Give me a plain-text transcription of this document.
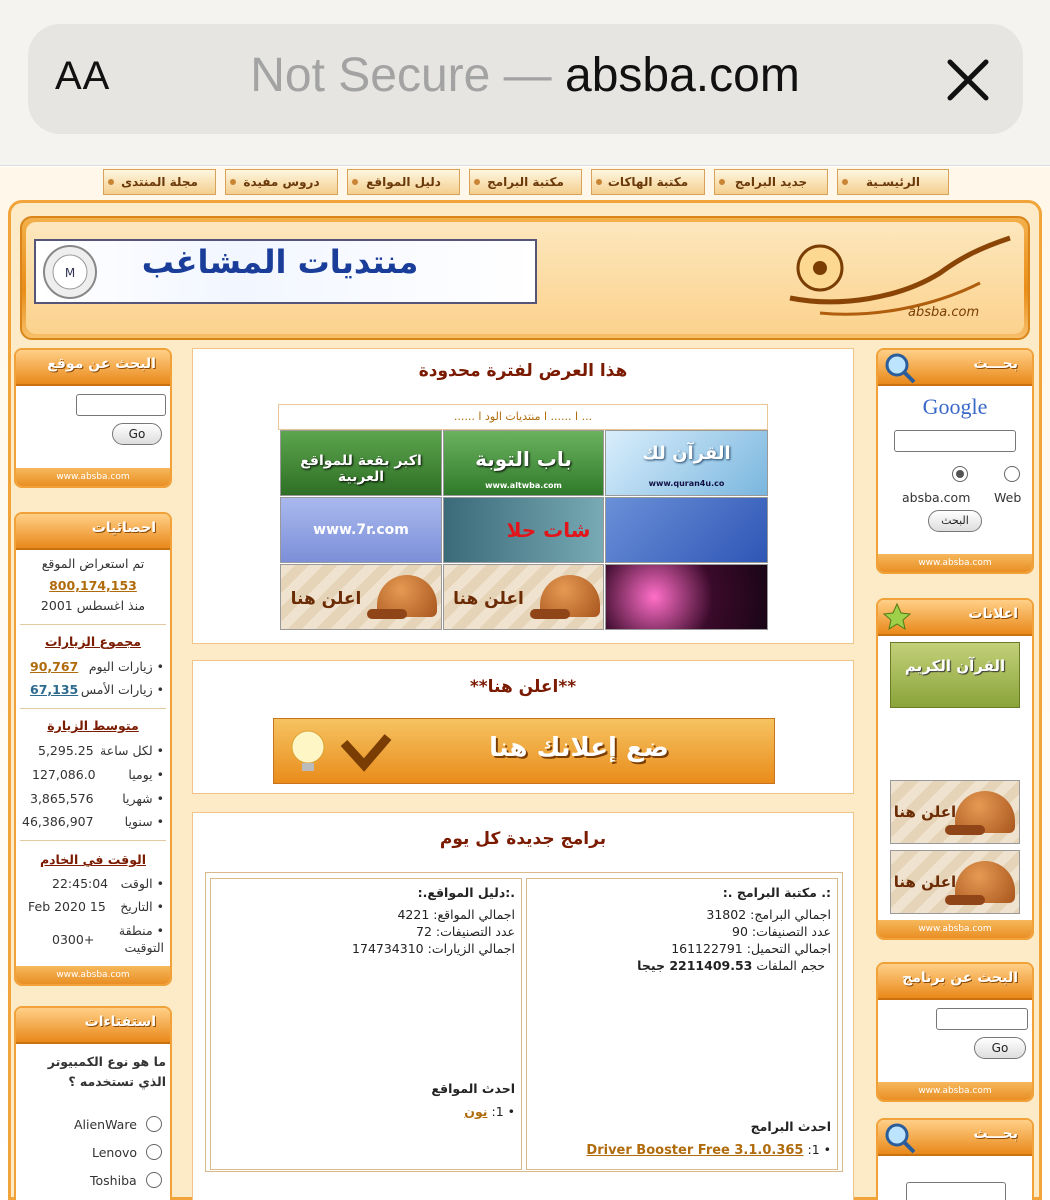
AA	Not Secure — absba.com
الرئيسـية
جديد البرامج
مكتبة الهاكات
مكتبة البرامج
دليل المواقع
دروس مفيدة
مجلة المنتدى
M	منتديات المشاغب
absba.com
البحث عن موقع
Go
www.absba.com
احصائيات
تم استعراض الموقع
800,174,153
منذ اغسطس 2001
مجموع الزيارات
• زيارات اليوم
90,767
• زيارات الأمس
67,135
متوسط الزيارة
• لكل ساعة
5,295.25
• يوميا
127,086.0
• شهريا
3,865,576
• سنويا
46,386,907
الوقت في الخادم
• الوقت
22:45:04
• التاريخ
15 Feb 2020
• منطقة التوقيت
+0300
www.absba.com
استفتاءات
ما هو نوع الكمبيوتر الذي تستخدمه ؟
AlienWare
Lenovo
Toshiba
هذا العرض لفترة محدودة
... ا ...... ا منتديات الود ا ......
القرآن لك
www.quran4u.co
باب التوبة
www.altwba.com
اكبر بقعة للمواقع العربية
شات حلا
www.7r.com
اعلن هنا
اعلن هنا
**اعلن هنا**
ضع إعلانك هنا
برامج جديدة كل يوم
:. مكتبة البرامج .:
اجمالي البرامج: 31802
عدد التصنيفات: 90
اجمالي التحميل: 161122791
حجم الملفات 2211409.53 جيجا
احدث البرامج
• 1: Driver Booster Free 3.1.0.365
.:دليل المواقع.:
اجمالي المواقع: 4221
عدد التصنيفات: 72
اجمالي الزيارات: 174734310
احدث المواقع
• 1: نون
بحـــث
Google
absba.com Web
البحث
www.absba.com
اعلانات
القرآن الكريم
اعلن هنا
اعلن هنا
www.absba.com
البحث عن برنامج
Go
www.absba.com
بحـــث
